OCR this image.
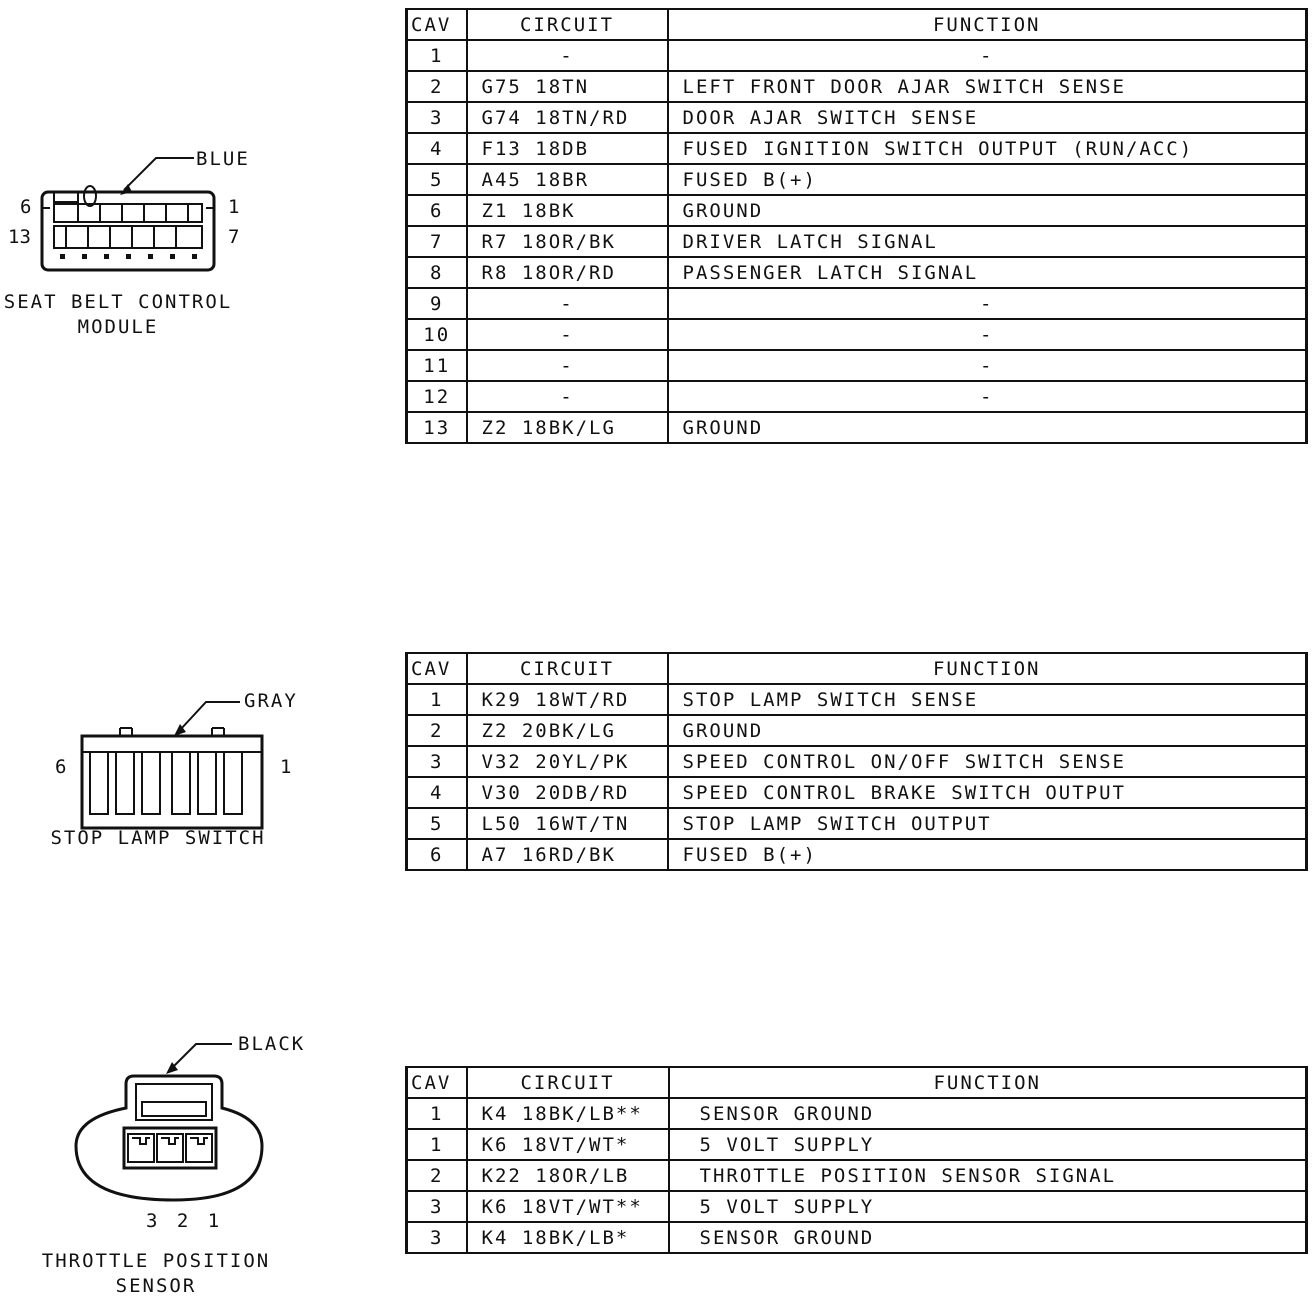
BLUE
6	1
13	7
SEAT BELT CONTROL
MODULE
CAV	CIRCUIT	FUNCTION
1	-	-
2	G75 18TN	LEFT FRONT DOOR AJAR SWITCH SENSE
3	G74 18TN/RD	DOOR AJAR SWITCH SENSE
4	F13 18DB	FUSED IGNITION SWITCH OUTPUT (RUN/ACC)
5	A45 18BR	FUSED B(+)
6	Z1 18BK	GROUND
7	R7 18OR/BK	DRIVER LATCH SIGNAL
8	R8 18OR/RD	PASSENGER LATCH SIGNAL
9	-	-
10	-	-
11	-	-
12	-	-
13	Z2 18BK/LG	GROUND
GRAY
6	1
STOP LAMP SWITCH
CAV	CIRCUIT	FUNCTION
1	K29 18WT/RD	STOP LAMP SWITCH SENSE
2	Z2 20BK/LG	GROUND
3	V32 20YL/PK	SPEED CONTROL ON/OFF SWITCH SENSE
4	V30 20DB/RD	SPEED CONTROL BRAKE SWITCH OUTPUT
5	L50 16WT/TN	STOP LAMP SWITCH OUTPUT
6	A7 16RD/BK	FUSED B(+)
BLACK
3 2 1
THROTTLE POSITION
SENSOR
CAV	CIRCUIT	FUNCTION
1	K4 18BK/LB**	SENSOR GROUND
1	K6 18VT/WT*	5 VOLT SUPPLY
2	K22 18OR/LB	THROTTLE POSITION SENSOR SIGNAL
3	K6 18VT/WT**	5 VOLT SUPPLY
3	K4 18BK/LB*	SENSOR GROUND
